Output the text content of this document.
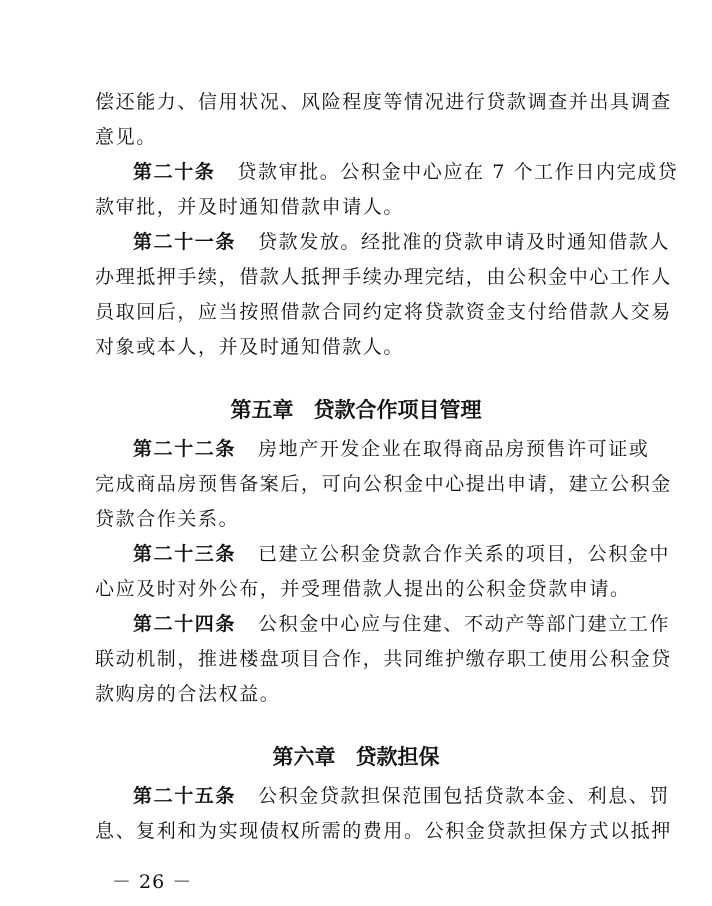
偿还能力、信用状况、风险程度等情况进行贷款调查并出具调查
意见。
第二十条 贷款审批。公积金中心应在 7 个工作日内完成贷
款审批，并及时通知借款申请人。
第二十一条 贷款发放。经批准的贷款申请及时通知借款人
办理抵押手续，借款人抵押手续办理完结，由公积金中心工作人
员取回后，应当按照借款合同约定将贷款资金支付给借款人交易
对象或本人，并及时通知借款人。
第五章 贷款合作项目管理
第二十二条 房地产开发企业在取得商品房预售许可证或
完成商品房预售备案后，可向公积金中心提出申请，建立公积金
贷款合作关系。
第二十三条 已建立公积金贷款合作关系的项目，公积金中
心应及时对外公布，并受理借款人提出的公积金贷款申请。
第二十四条 公积金中心应与住建、不动产等部门建立工作
联动机制，推进楼盘项目合作，共同维护缴存职工使用公积金贷
款购房的合法权益。
第六章 贷款担保
第二十五条 公积金贷款担保范围包括贷款本金、利息、罚
息、复利和为实现债权所需的费用。公积金贷款担保方式以抵押
－ 26 －
